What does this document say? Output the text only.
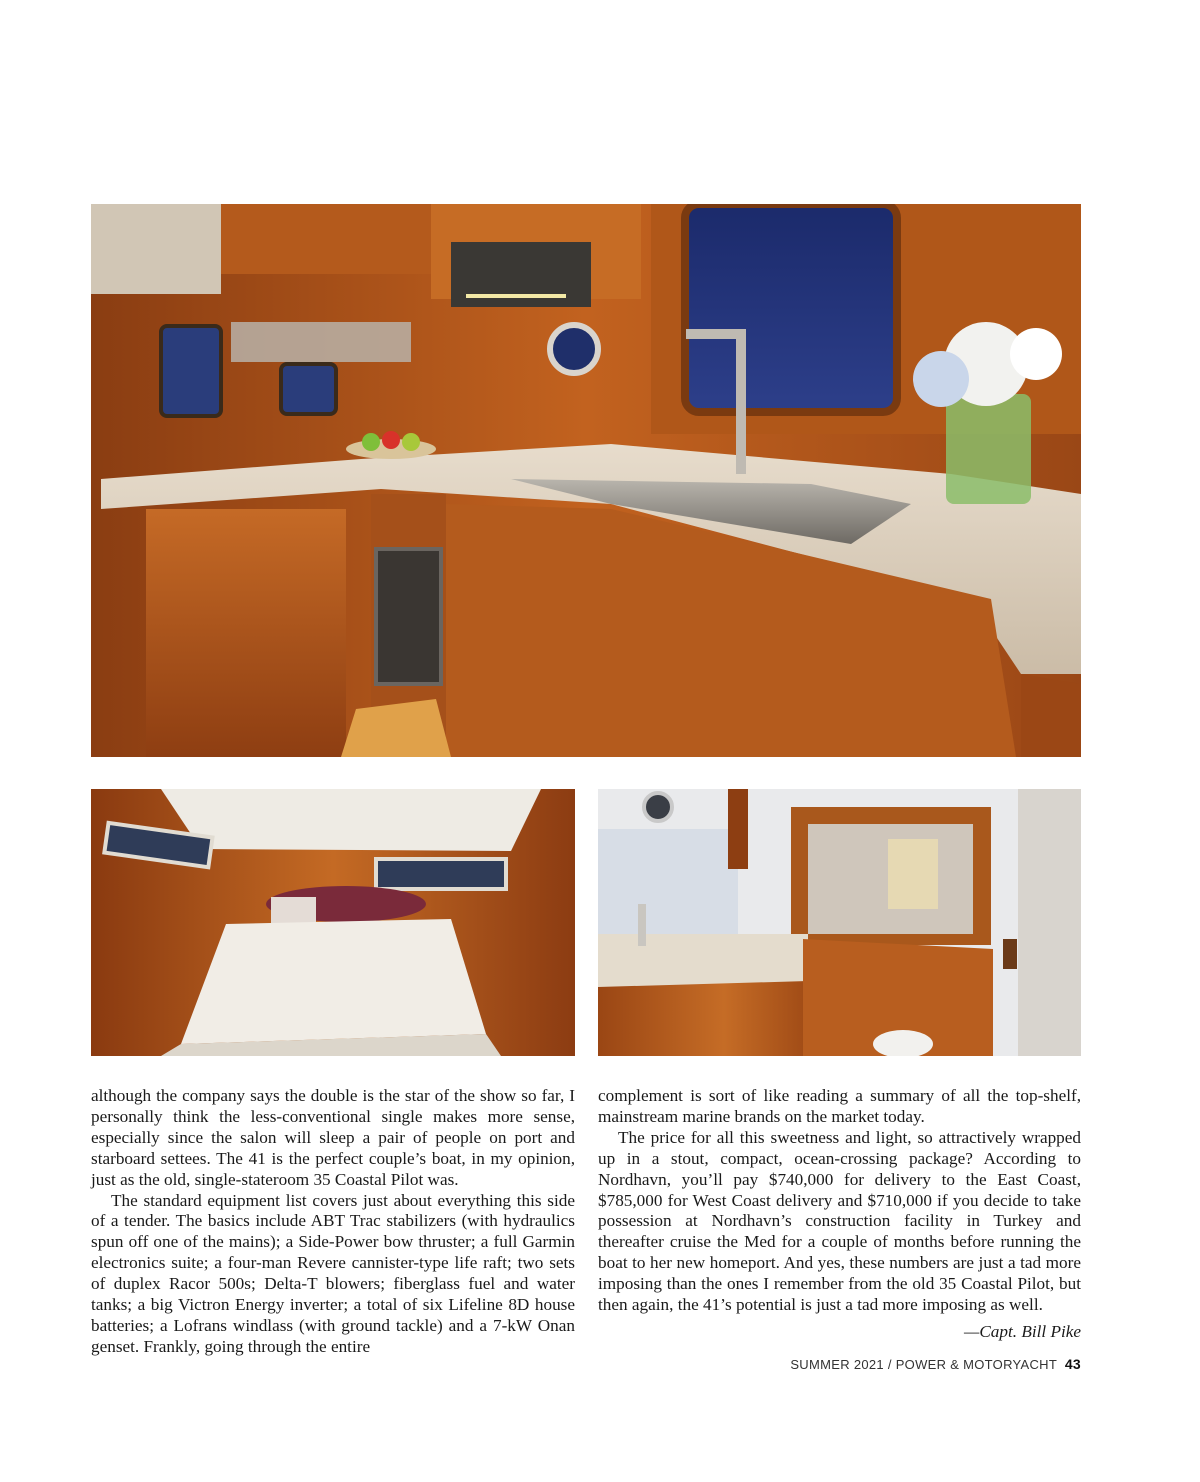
although the company says the double is the star of the show so far, I personally think the less-conventional single makes more sense, especially since the salon will sleep a pair of people on port and starboard settees. The 41 is the perfect couple’s boat, in my opinion, just as the old, single-stateroom 35 Coastal Pilot was.

The standard equipment list covers just about everything this side of a tender. The basics include ABT Trac stabilizers (with hydraulics spun off one of the mains); a Side-Power bow thruster; a full Garmin electronics suite; a four-man Revere cannister-type life raft; two sets of duplex Racor 500s; Delta-T blowers; fiberglass fuel and water tanks; a big Victron Energy inverter; a total of six Lifeline 8D house batteries; a Lofrans windlass (with ground tackle) and a 7-kW Onan genset. Frankly, going through the entire

complement is sort of like reading a summary of all the top-shelf, mainstream marine brands on the market today.

The price for all this sweetness and light, so attractively wrapped up in a stout, compact, ocean-crossing package? According to Nordhavn, you’ll pay $740,000 for delivery to the East Coast, $785,000 for West Coast delivery and $710,000 if you decide to take possession at Nordhavn’s construction facility in Turkey and thereafter cruise the Med for a couple of months before running the boat to her new homeport. And yes, these numbers are just a tad more imposing than the ones I remember from the old 35 Coastal Pilot, but then again, the 41’s potential is just a tad more imposing as well.

—Capt. Bill Pike

SUMMER 2021 / POWER & MOTORYACHT 43
